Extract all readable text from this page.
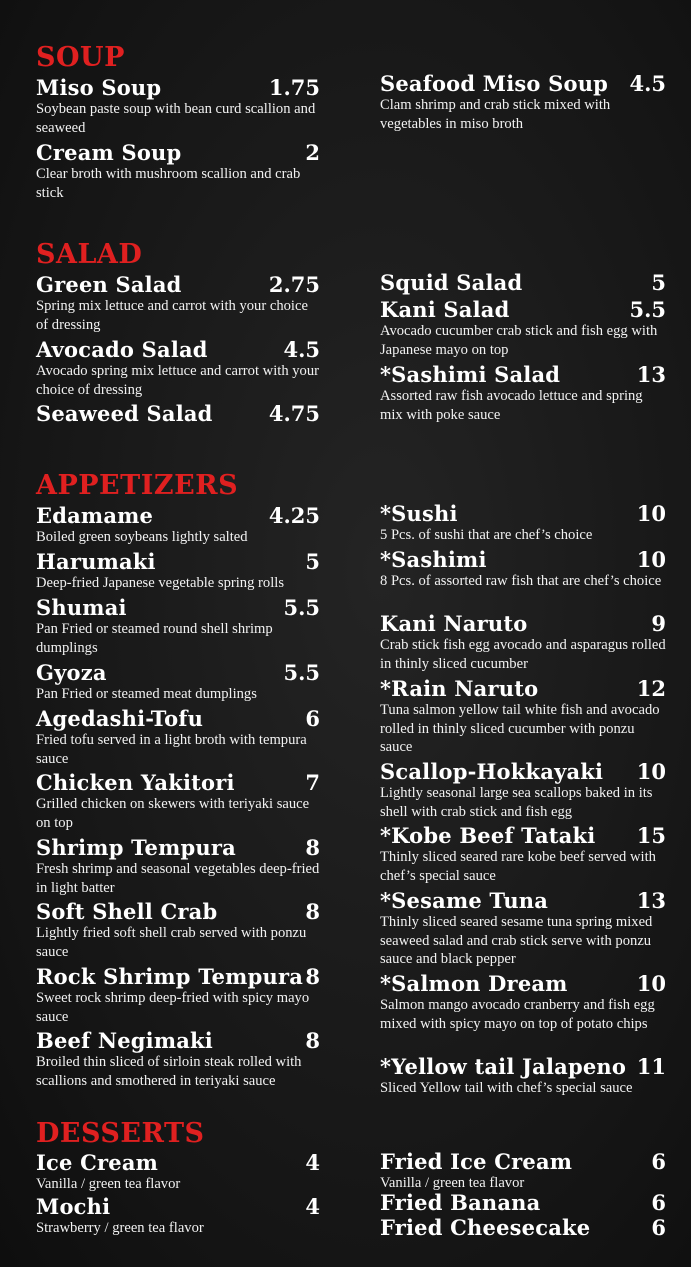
SOUP
Miso Soup	1.75
Soybean paste soup with bean curd scallion and seaweed
Cream Soup	2
Clear broth with mushroom scallion and crab stick
Seafood Miso Soup 4.5
Clam shrimp and crab stick mixed with vegetables in miso broth
SALAD
Green Salad	2.75
Spring mix lettuce and carrot with your choice of dressing
Avocado Salad	4.5
Avocado spring mix lettuce and carrot with your choice of dressing
Seaweed Salad	4.75
Squid Salad	5
Kani Salad	5.5
Avocado cucumber crab stick and fish egg with Japanese mayo on top
*Sashimi Salad	13
Assorted raw fish avocado lettuce and spring mix with poke sauce
APPETIZERS
Edamame	4.25
Boiled green soybeans lightly salted
Harumaki	5
Deep-fried Japanese vegetable spring rolls
Shumai	5.5
Pan Fried or steamed round shell shrimp dumplings
Gyoza	5.5
Pan Fried or steamed meat dumplings
Agedashi-Tofu	6
Fried tofu served in a light broth with tempura sauce
Chicken Yakitori	7
Grilled chicken on skewers with teriyaki sauce on top
Shrimp Tempura	8
Fresh shrimp and seasonal vegetables deep-fried in light batter
Soft Shell Crab	8
Lightly fried soft shell crab served with ponzu sauce
Rock Shrimp Tempura 8
Sweet rock shrimp deep-fried with spicy mayo sauce
Beef Negimaki	8
Broiled thin sliced of sirloin steak rolled with scallions and smothered in teriyaki sauce
*Sushi	10
5 Pcs. of sushi that are chef’s choice
*Sashimi	10
8 Pcs. of assorted raw fish that are chef’s choice
Kani Naruto	9
Crab stick fish egg avocado and asparagus rolled in thinly sliced cucumber
*Rain Naruto	12
Tuna salmon yellow tail white fish and avocado rolled in thinly sliced cucumber with ponzu sauce
Scallop-Hokkayaki 10
Lightly seasonal large sea scallops baked in its shell with crab stick and fish egg
*Kobe Beef Tataki 15
Thinly sliced seared rare kobe beef served with chef’s special sauce
*Sesame Tuna	13
Thinly sliced seared sesame tuna spring mixed seaweed salad and crab stick serve with ponzu sauce and black pepper
*Salmon Dream	10
Salmon mango avocado cranberry and fish egg mixed with spicy mayo on top of potato chips
*Yellow tail Jalapeno 11
Sliced Yellow tail with chef’s special sauce
DESSERTS
Ice Cream	4
Vanilla / green tea flavor
Mochi	4
Strawberry / green tea flavor
Fried Ice Cream	6
Vanilla / green tea flavor
Fried Banana	6
Fried Cheesecake	6
